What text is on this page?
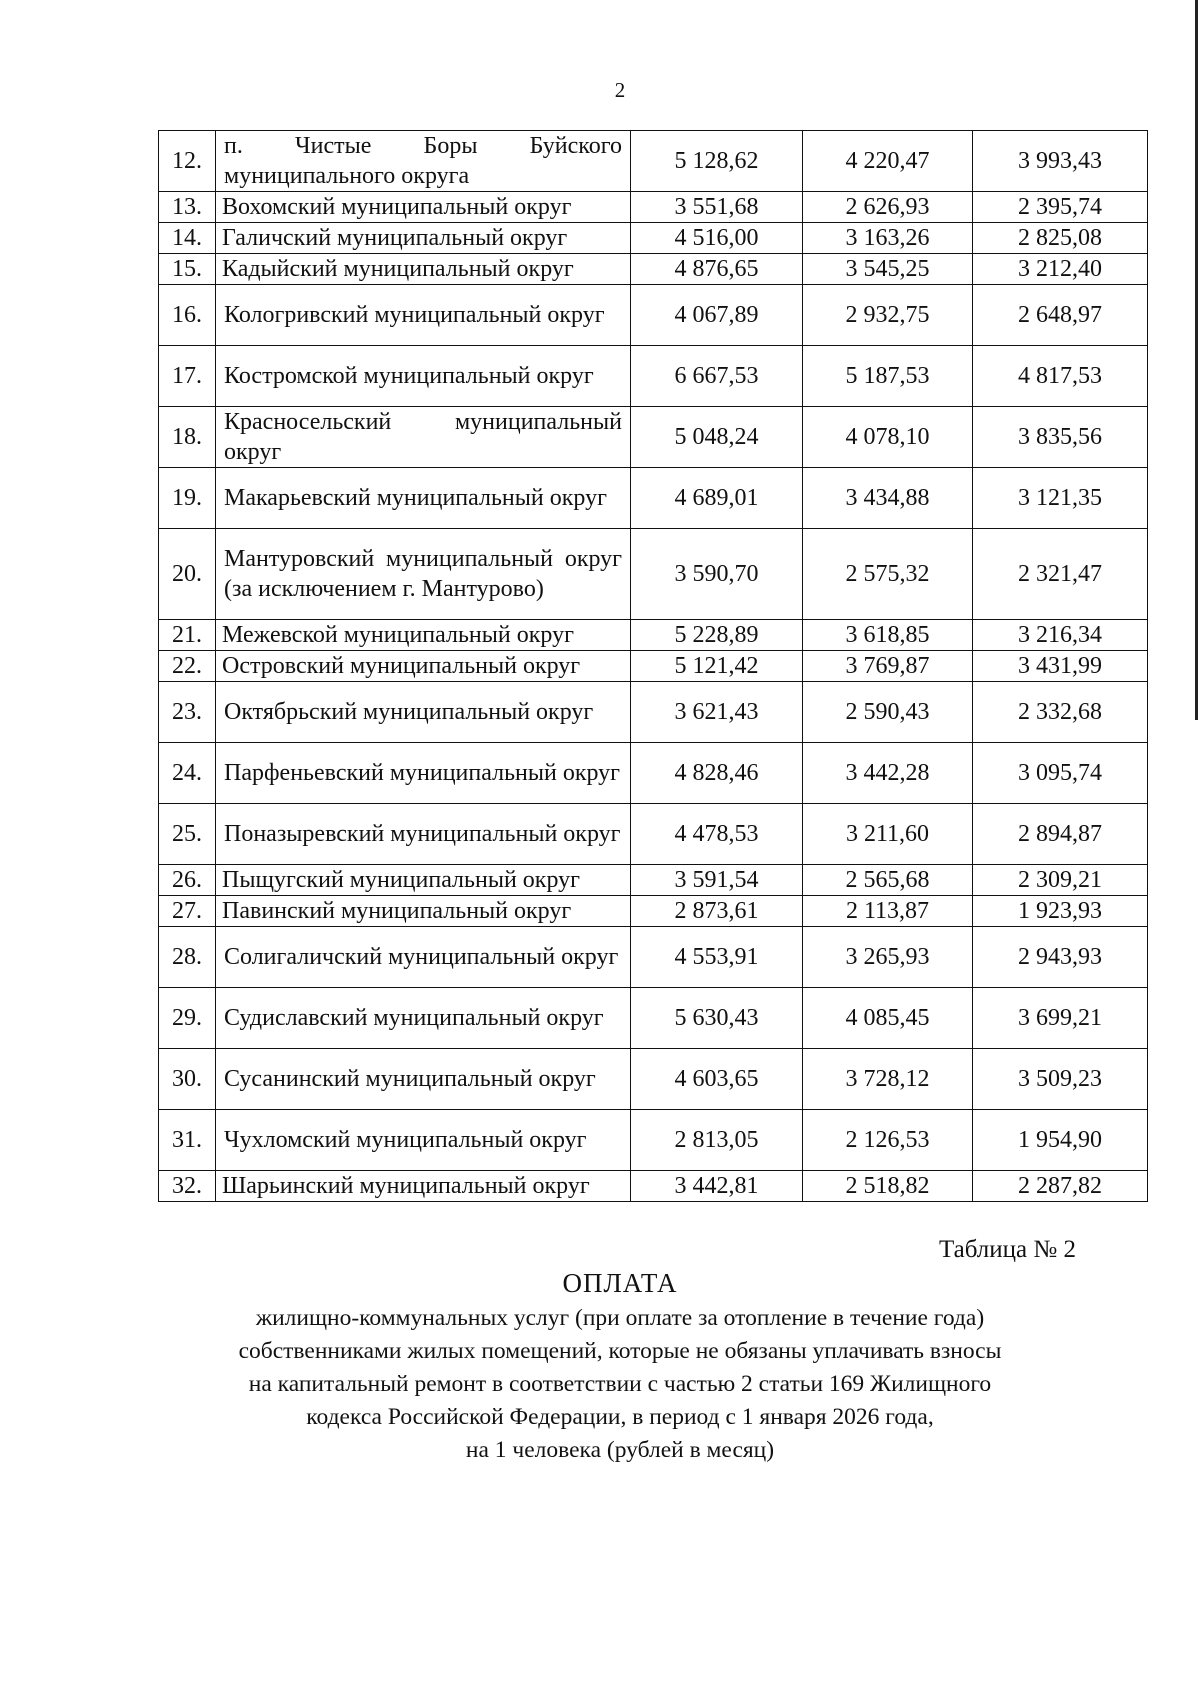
2
12.	п. Чистые Боры Буйского муниципального округа	5 128,62	4 220,47	3 993,43
13.	Вохомский муниципальный округ	3 551,68	2 626,93	2 395,74
14.	Галичский муниципальный округ	4 516,00	3 163,26	2 825,08
15.	Кадыйский муниципальный округ	4 876,65	3 545,25	3 212,40
16.	Кологривский муниципальный округ	4 067,89	2 932,75	2 648,97
17.	Костромской муниципальный округ	6 667,53	5 187,53	4 817,53
18.	Красносельский муниципальный округ	5 048,24	4 078,10	3 835,56
19.	Макарьевский муниципальный округ	4 689,01	3 434,88	3 121,35
20.	Мантуровский муниципальный округ (за исключением г. Мантурово)	3 590,70	2 575,32	2 321,47
21.	Межевской муниципальный округ	5 228,89	3 618,85	3 216,34
22.	Островский муниципальный округ	5 121,42	3 769,87	3 431,99
23.	Октябрьский муниципальный округ	3 621,43	2 590,43	2 332,68
24.	Парфеньевский муниципальный округ	4 828,46	3 442,28	3 095,74
25.	Поназыревский муниципальный округ	4 478,53	3 211,60	2 894,87
26.	Пыщугский муниципальный округ	3 591,54	2 565,68	2 309,21
27.	Павинский муниципальный округ	2 873,61	2 113,87	1 923,93
28.	Солигаличский муниципальный округ	4 553,91	3 265,93	2 943,93
29.	Судиславский муниципальный округ	5 630,43	4 085,45	3 699,21
30.	Сусанинский муниципальный округ	4 603,65	3 728,12	3 509,23
31.	Чухломский муниципальный округ	2 813,05	2 126,53	1 954,90
32.	Шарьинский муниципальный округ	3 442,81	2 518,82	2 287,82
Таблица № 2
ОПЛАТА
жилищно-коммунальных услуг (при оплате за отопление в течение года)
собственниками жилых помещений, которые не обязаны уплачивать взносы
на капитальный ремонт в соответствии с частью 2 статьи 169 Жилищного
кодекса Российской Федерации, в период с 1 января 2026 года,
на 1 человека (рублей в месяц)
